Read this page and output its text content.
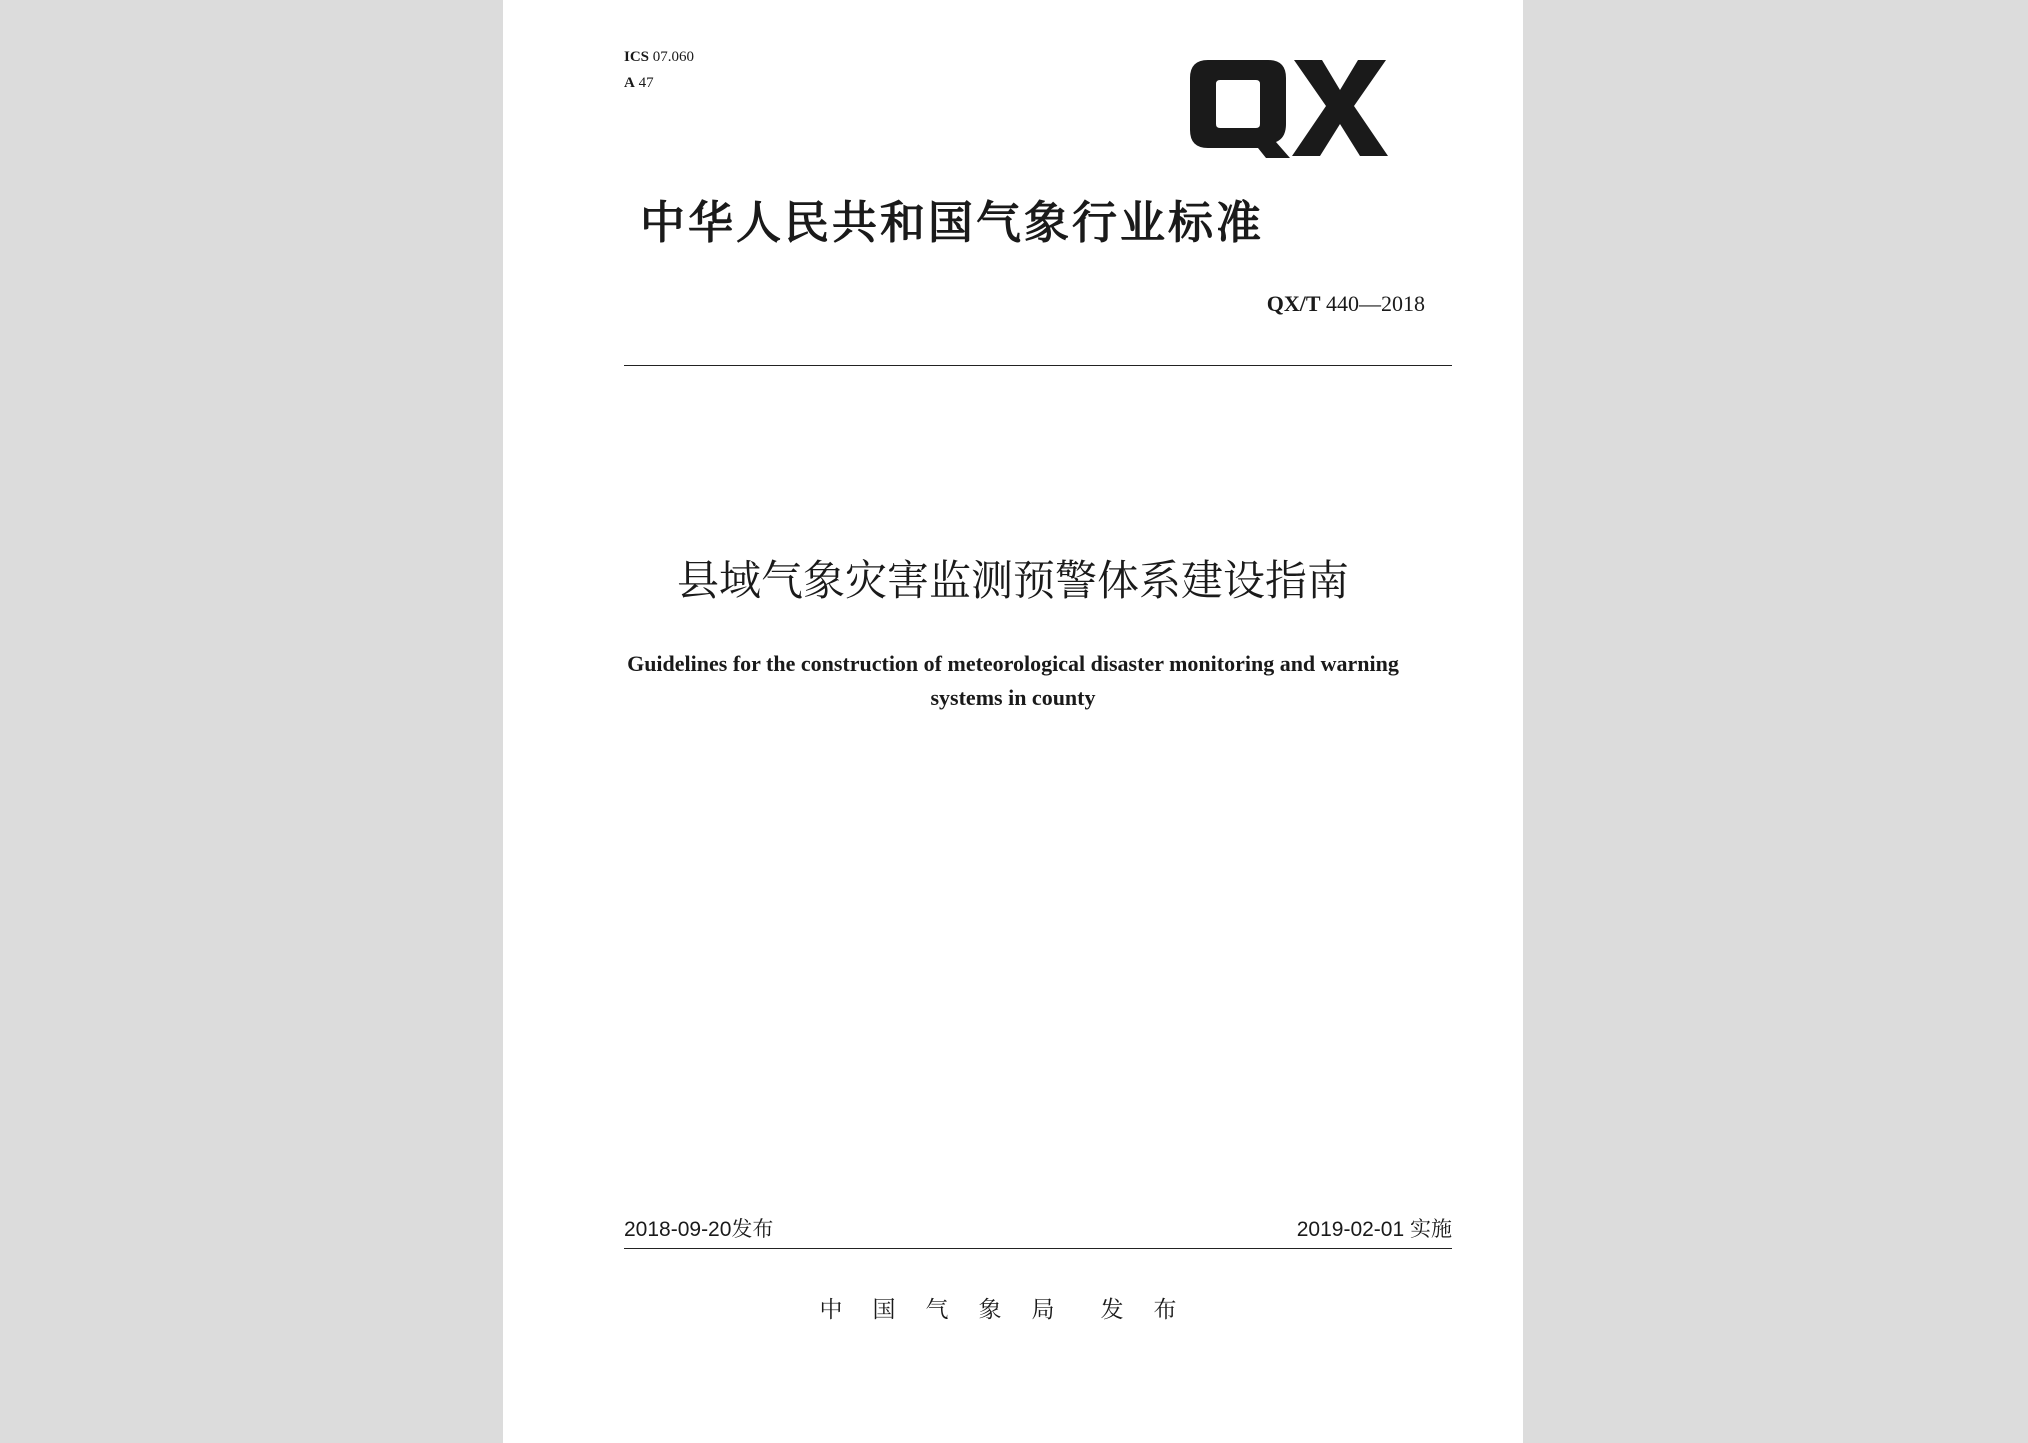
ICS 07.060
A 47
中华人民共和国气象行业标准
QX/T 440—2018
县域气象灾害监测预警体系建设指南
Guidelines for the construction of meteorological disaster monitoring and warning systems in county
2018-09-20发布	2019-02-01 实施
中国气象局 发布
